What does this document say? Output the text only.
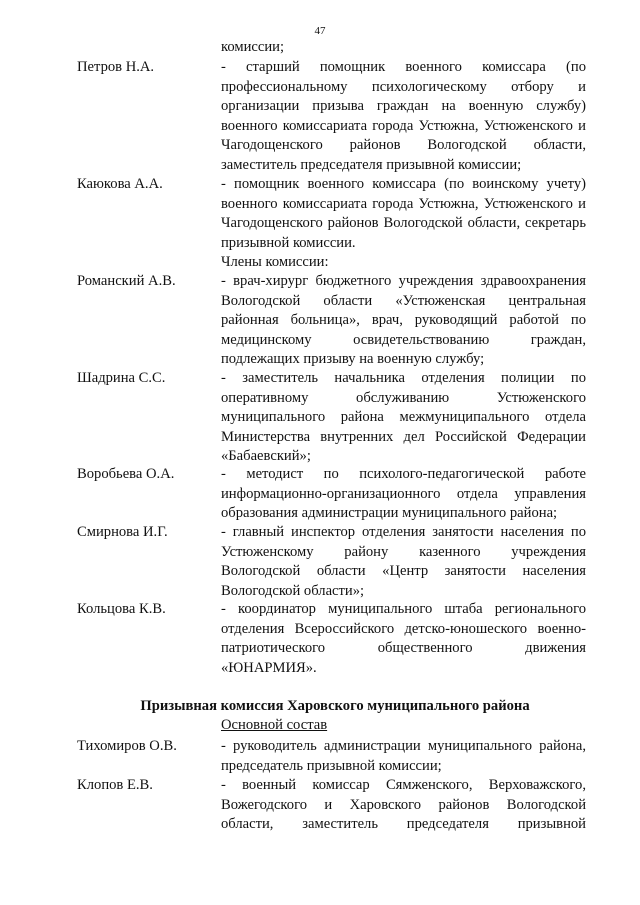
47
комиссии;
Петров Н.А.	- старший помощник военного комиссара (по профессиональному психологическому отбору и организации призыва граждан на военную службу) военного комиссариата города Устюжна, Устюженского и Чагодощенского районов Вологодской области, заместитель председателя призывной комиссии;
Каюкова А.А.	- помощник военного комиссара (по воинскому учету) военного комиссариата города Устюжна, Устюженского и Чагодощенского районов Вологодской области, секретарь призывной комиссии.
Члены комиссии:
Романский А.В.	- врач-хирург бюджетного учреждения здравоохранения Вологодской области «Устюженская центральная районная больница», врач, руководящий работой по медицинскому освидетельствованию граждан, подлежащих призыву на военную службу;
Шадрина С.С.	- заместитель начальника отделения полиции по оперативному обслуживанию Устюженского муниципального района межмуниципального отдела Министерства внутренних дел Российской Федерации «Бабаевский»;
Воробьева О.А.	- методист по психолого-педагогической работе информационно-организационного отдела управления образования администрации муниципального района;
Смирнова И.Г.	- главный инспектор отделения занятости населения по Устюженскому району казенного учреждения Вологодской области «Центр занятости населения Вологодской области»;
Кольцова К.В.	- координатор муниципального штаба регионального отделения Всероссийского детско-юношеского военно-патриотического общественного движения «ЮНАРМИЯ».
Призывная комиссия Харовского муниципального района
Основной состав
Тихомиров О.В.	- руководитель администрации муниципального района, председатель призывной комиссии;
Клопов Е.В.	- военный комиссар Сямженского, Верховажского, Вожегодского и Харовского районов Вологодской области, заместитель председателя призывной
